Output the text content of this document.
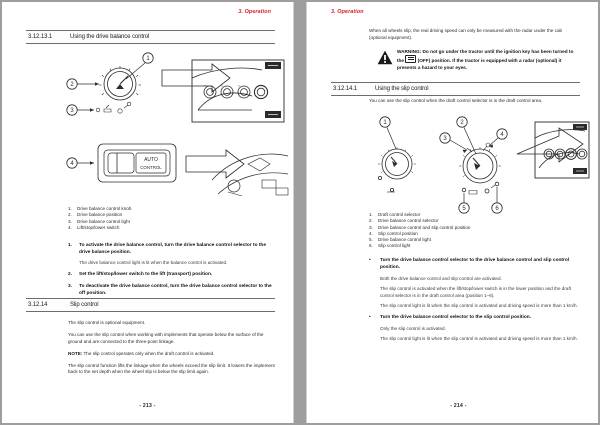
3. Operation
3.12.13.1	Using the drive balance control
1
2
3
AUTO
CONTROL
4
1.	Drive balance control knob
2.	Drive balance position
3.	Drive balance control light
4.	Lift/stop/lower switch
1.	To activate the drive balance control, turn the drive balance control selector to the drive balance position.
The drive balance control light is lit when the balance control is activated.
2.	Set the lift/stop/lower switch to the lift (transport) position.
3.	To deactivate the drive balance control, turn the drive balance control selector to the off position.
3.12.14	Slip control
The slip control is optional equipment.
You can use the slip control when working with implements that operate below the surface of the ground and are connected to the three-point linkage.
NOTE: The slip control operates only when the draft control is activated.
The slip control function lifts the linkage when the wheels exceed the slip limit. It lowers the implement back to the set depth when the wheel slip is below the slip limit again.
- 213 -
3. Operation
When all wheels slip, the real driving speed can only be measured with the radar under the cab (optional equipment).
WARNING: Do not go under the tractor until the ignition key has been turned to the	(OFF) position. If the tractor is equipped with a radar (optional) it presents a hazard to your eyes.
3.12.14.1	Using the slip control
You can use the slip control when the draft control selector is in the draft control area.
1	2
3
4
5	6
1.	Draft control selector
2.	Drive balance control selector
3.	Drive balance control and slip control position
4.	Slip control position
5.	Drive balance control light
6.	Slip control light
•	Turn the drive balance control selector to the drive balance control and slip control position.
Both the drive balance control and slip control are activated.
The slip control is activated when the lift/stop/lower switch is in the lower position and the draft control selector is in the draft control area (position 1–6).
The slip control light is lit when the slip control is activated and driving speed is more than 1 km/h.
•	Turn the drive balance control selector to the slip control position.
Only the slip control is activated.
The slip control light is lit when the slip control is activated and driving speed is more than 1 km/h.
- 214 -
